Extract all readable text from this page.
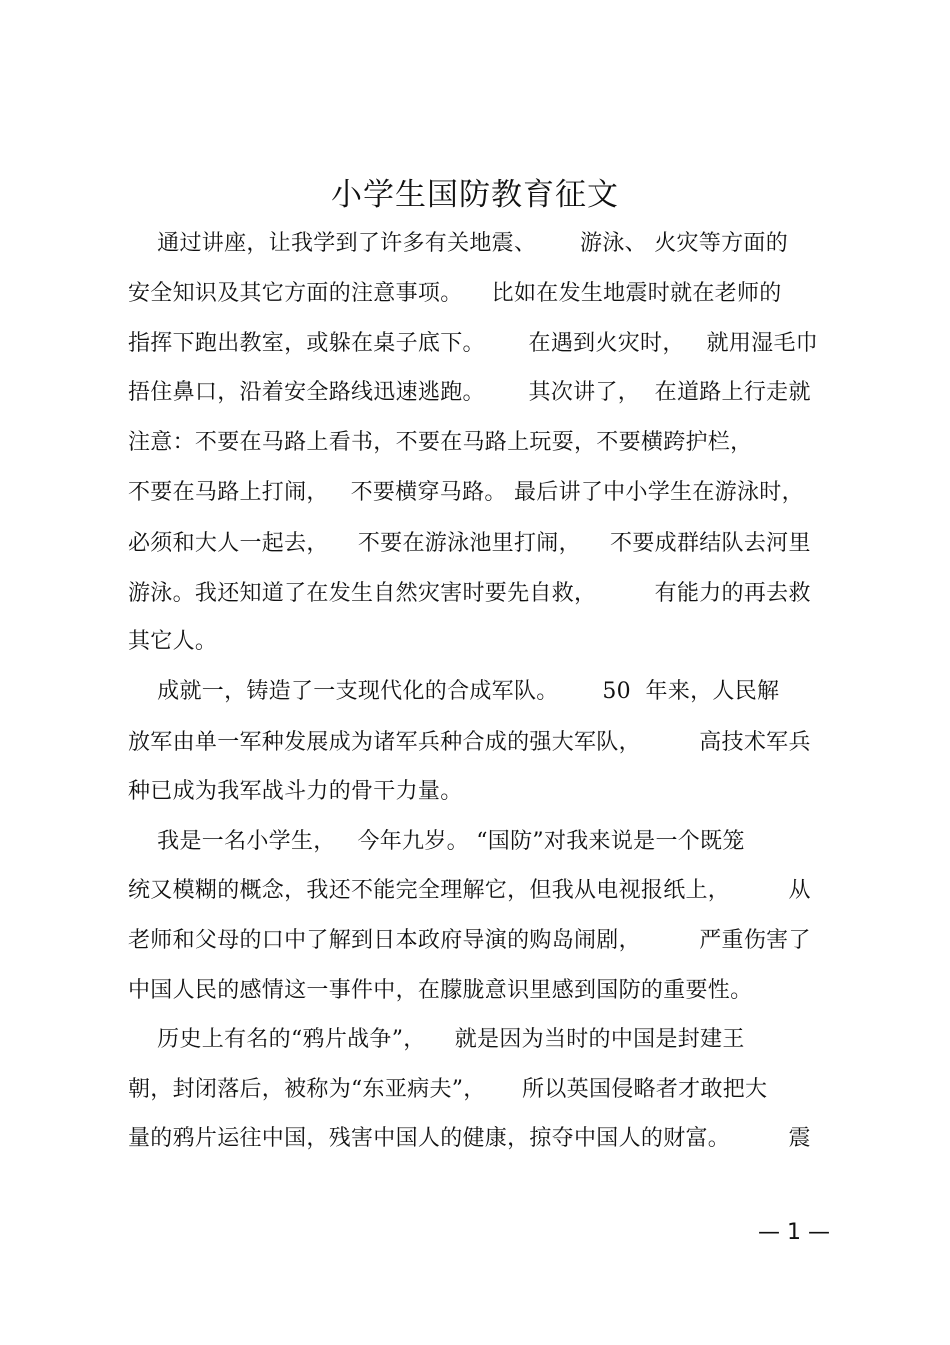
小学生国防教育征文

通过讲座，让我学到了许多有关地震、      游泳、 火灾等方面的

安全知识及其它方面的注意事项。    比如在发生地震时就在老师的

指挥下跑出教室，或躲在桌子底下。      在遇到火灾时，   就用湿毛巾

捂住鼻口，沿着安全路线迅速逃跑。      其次讲了，  在道路上行走就

注意：不要在马路上看书，不要在马路上玩耍，不要横跨护栏，

不要在马路上打闹，   不要横穿马路。 最后讲了中小学生在游泳时，

必须和大人一起去，    不要在游泳池里打闹，    不要成群结队去河里

游泳。我还知道了在发生自然灾害时要先自救，        有能力的再去救

其它人。

成就一，铸造了一支现代化的合成军队。      50  年来，人民解

放军由单一军种发展成为诸军兵种合成的强大军队，        高技术军兵

种已成为我军战斗力的骨干力量。

我是一名小学生，   今年九岁。 “国防”对我来说是一个既笼

统又模糊的概念，我还不能完全理解它，但我从电视报纸上，        从

老师和父母的口中了解到日本政府导演的购岛闹剧，        严重伤害了

中国人民的感情这一事件中，在朦胧意识里感到国防的重要性。

历史上有名的“鸦片战争”，    就是因为当时的中国是封建王

朝，封闭落后，被称为“东亚病夫”，     所以英国侵略者才敢把大

量的鸦片运往中国，残害中国人的健康，掠夺中国人的财富。        震

— 1 —
